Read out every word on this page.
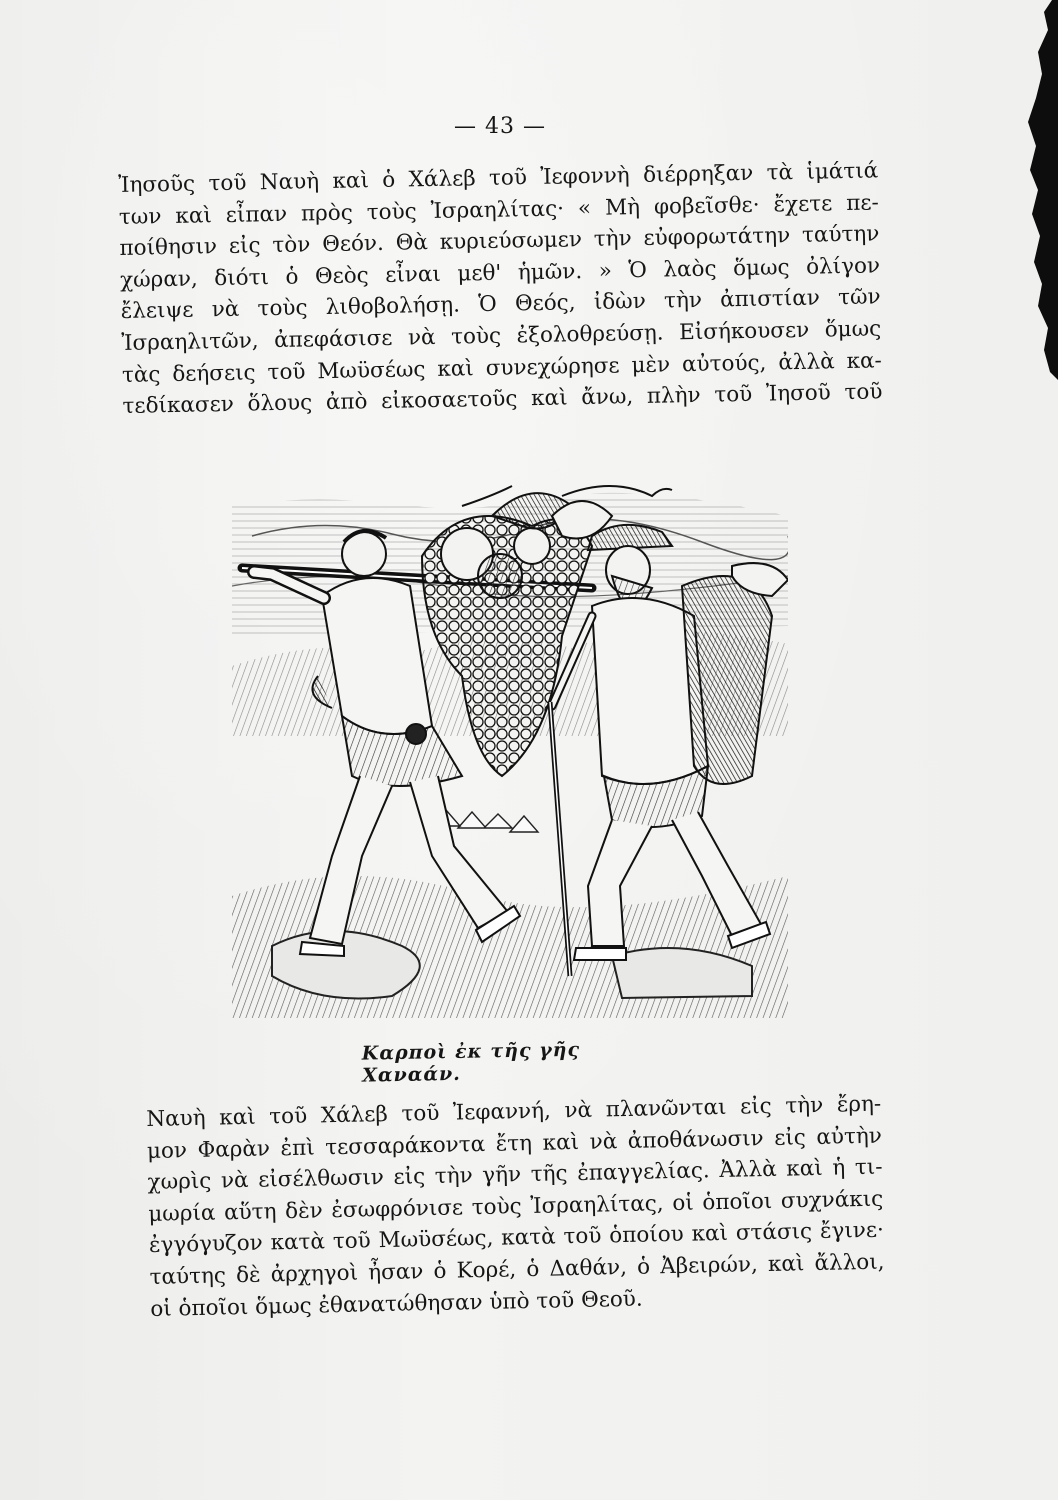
— 43 —
Ἰησοῦς τοῦ Ναυὴ καὶ ὁ Χάλεβ τοῦ Ἰεφοννὴ διέρρηξαν τὰ ἱμάτιά
των καὶ εἶπαν πρὸς τοὺς Ἰσραηλίτας· « Μὴ φοβεῖσθε· ἔχετε πε-
ποίθησιν εἰς τὸν Θεόν. Θὰ κυριεύσωμεν τὴν εὐφορωτάτην ταύτην
χώραν, διότι ὁ Θεὸς εἶναι μεθ' ἡμῶν. » Ὁ λαὸς ὅμως ὀλίγον
ἔλειψε νὰ τοὺς λιθοβολήσῃ. Ὁ Θεός, ἰδὼν τὴν ἀπιστίαν τῶν
Ἰσραηλιτῶν, ἀπεφάσισε νὰ τοὺς ἐξολοθρεύσῃ. Εἰσήκουσεν ὅμως
τὰς δεήσεις τοῦ Μωϋσέως καὶ συνεχώρησε μὲν αὐτούς, ἀλλὰ κα-
τεδίκασεν ὅλους ἀπὸ εἰκοσαετοῦς καὶ ἄνω, πλὴν τοῦ Ἰησοῦ τοῦ
Καρποὶ ἐκ τῆς γῆς Χαναάν.
Ναυὴ καὶ τοῦ Χάλεβ τοῦ Ἰεφαννή, νὰ πλανῶνται εἰς τὴν ἔρη-
μον Φαρὰν ἐπὶ τεσσαράκοντα ἔτη καὶ νὰ ἀποθάνωσιν εἰς αὐτὴν
χωρὶς νὰ εἰσέλθωσιν εἰς τὴν γῆν τῆς ἐπαγγελίας. Ἀλλὰ καὶ ἡ τι-
μωρία αὕτη δὲν ἐσωφρόνισε τοὺς Ἰσραηλίτας, οἱ ὁποῖοι συχνάκις
ἐγγόγυζον κατὰ τοῦ Μωϋσέως, κατὰ τοῦ ὁποίου καὶ στάσις ἔγινε·
ταύτης δὲ ἀρχηγοὶ ἦσαν ὁ Κορέ, ὁ Δαθάν, ὁ Ἀβειρών, καὶ ἄλλοι,
οἱ ὁποῖοι ὅμως ἐθανατώθησαν ὑπὸ τοῦ Θεοῦ.
